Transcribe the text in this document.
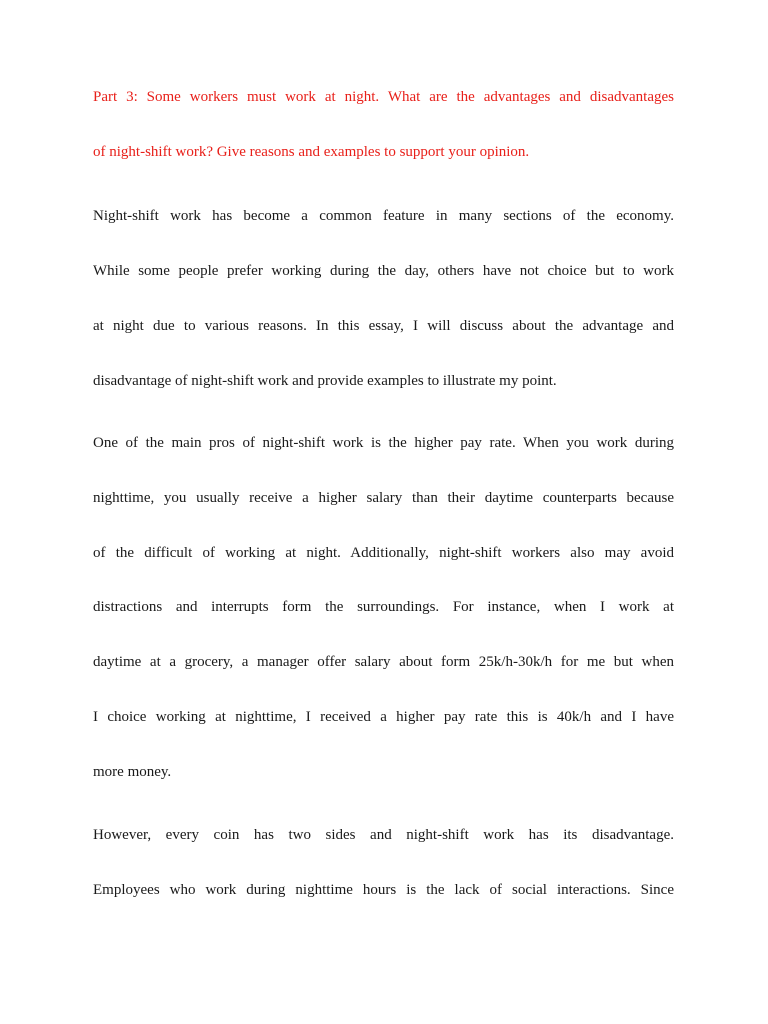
Part 3: Some workers must work at night. What are the advantages and disadvantages
of night-shift work? Give reasons and examples to support your opinion.
Night-shift work has become a common feature in many sections of the economy.
While some people prefer working during the day, others have not choice but to work
at night due to various reasons. In this essay, I will discuss about the advantage and
disadvantage of night-shift work and provide examples to illustrate my point.
One of the main pros of night-shift work is the higher pay rate. When you work during
nighttime, you usually receive a higher salary than their daytime counterparts because
of the difficult of working at night. Additionally, night-shift workers also may avoid
distractions and interrupts form the surroundings. For instance, when I work at
daytime at a grocery, a manager offer salary about form 25k/h-30k/h for me but when
I choice working at nighttime, I received a higher pay rate this is 40k/h and I have
more money.
However, every coin has two sides and night-shift work has its disadvantage.
Employees who work during nighttime hours is the lack of social interactions. Since
